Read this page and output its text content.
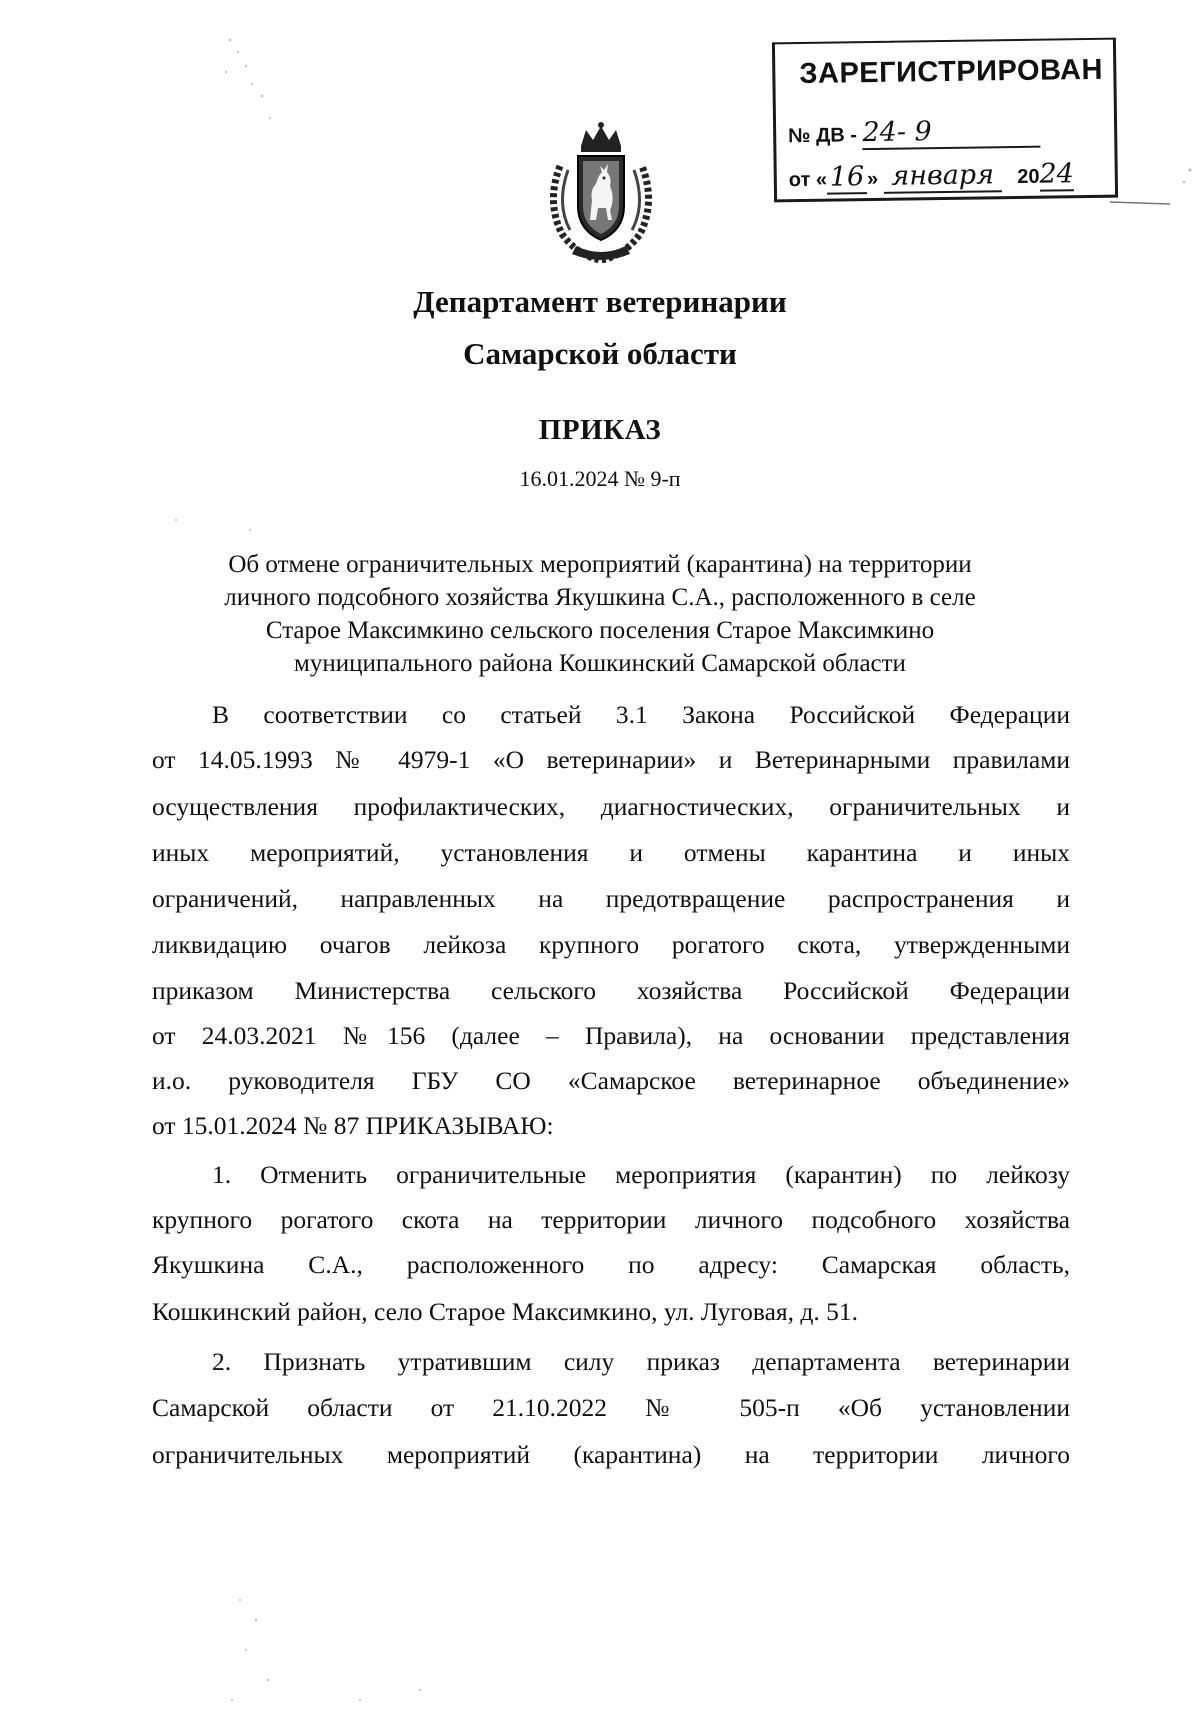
ЗАРЕГИСТРИРОВАН
№ ДВ - 24- 9
от «16 » января 2024
Департамент ветеринарии
Самарской области
ПРИКАЗ
16.01.2024 № 9-п
Об отмене ограничительных мероприятий (карантина) на территории
личного подсобного хозяйства Якушкина С.А., расположенного в селе
Старое Максимкино сельского поселения Старое Максимкино
муниципального района Кошкинский Самарской области
В соответствии со статьей 3.1 Закона Российской Федерации
от 14.05.1993 № 4979-1 «О ветеринарии» и Ветеринарными правилами
осуществления профилактических, диагностических, ограничительных и
иных мероприятий, установления и отмены карантина и иных
ограничений, направленных на предотвращение распространения и
ликвидацию очагов лейкоза крупного рогатого скота, утвержденными
приказом Министерства сельского хозяйства Российской Федерации
от 24.03.2021 №156 (далее – Правила), на основании представления
и.о. руководителя ГБУ СО «Самарское ветеринарное объединение»
от 15.01.2024 № 87 ПРИКАЗЫВАЮ:
1. Отменить ограничительные мероприятия (карантин) по лейкозу
крупного рогатого скота на территории личного подсобного хозяйства
Якушкина С.А., расположенного по адресу: Самарская область,
Кошкинский район, село Старое Максимкино, ул. Луговая, д. 51.
2. Признать утратившим силу приказ департамента ветеринарии
Самарской области от 21.10.2022 № 505-п «Об установлении
ограничительных мероприятий (карантина) на территории личного
